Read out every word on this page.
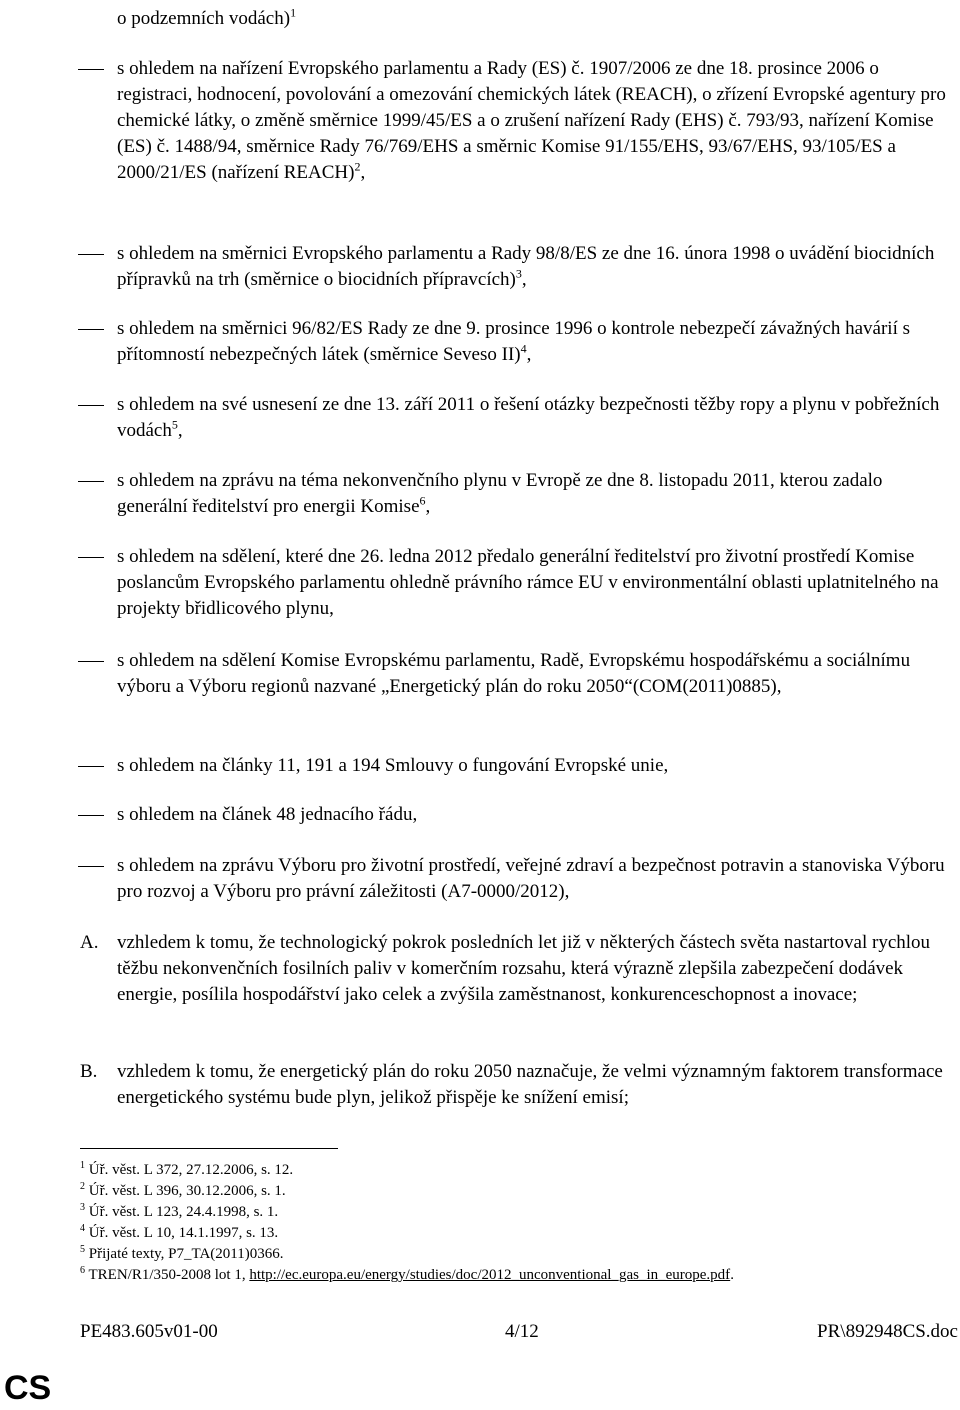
o podzemních vodách)$^1$
s ohledem na nařízení Evropského parlamentu a Rady (ES) č. 1907/2006 ze dne 18. prosince 2006 o registraci, hodnocení, povolování a omezování chemických látek (REACH), o zřízení Evropské agentury pro chemické látky, o změně směrnice 1999/45/ES a o zrušení nařízení Rady (EHS) č. 793/93, nařízení Komise (ES) č. 1488/94, směrnice Rady 76/769/EHS a směrnic Komise 91/155/EHS, 93/67/EHS, 93/105/ES a 2000/21/ES (nařízení REACH)$^2$,
s ohledem na směrnici Evropského parlamentu a Rady 98/8/ES ze dne 16. února 1998 o uvádění biocidních přípravků na trh (směrnice o biocidních přípravcích)$^3$,
s ohledem na směrnici 96/82/ES Rady ze dne 9. prosince 1996 o kontrole nebezpečí závažných havárií s přítomností nebezpečných látek (směrnice Seveso II)$^4$,
s ohledem na své usnesení ze dne 13. září 2011 o řešení otázky bezpečnosti těžby ropy a plynu v pobřežních vodách$^5$,
s ohledem na zprávu na téma nekonvenčního plynu v Evropě ze dne 8. listopadu 2011, kterou zadalo generální ředitelství pro energii Komise$^6$,
s ohledem na sdělení, které dne 26. ledna 2012 předalo generální ředitelství pro životní prostředí Komise poslancům Evropského parlamentu ohledně právního rámce EU v environmentální oblasti uplatnitelného na projekty břidlicového plynu,
s ohledem na sdělení Komise Evropskému parlamentu, Radě, Evropskému hospodářskému a sociálnímu výboru a Výboru regionů nazvané „Energetický plán do roku 2050“(COM(2011)0885),
s ohledem na články 11, 191 a 194 Smlouvy o fungování Evropské unie,
s ohledem na článek 48 jednacího řádu,
s ohledem na zprávu Výboru pro životní prostředí, veřejné zdraví a bezpečnost potravin a stanoviska Výboru pro rozvoj a Výboru pro právní záležitosti (A7-0000/2012),
A. vzhledem k tomu, že technologický pokrok posledních let již v některých částech světa nastartoval rychlou těžbu nekonvenčních fosilních paliv v komerčním rozsahu, která výrazně zlepšila zabezpečení dodávek energie, posílila hospodářství jako celek a zvýšila zaměstnanost, konkurenceschopnost a inovace;
B. vzhledem k tomu, že energetický plán do roku 2050 naznačuje, že velmi významným faktorem transformace energetického systému bude plyn, jelikož přispěje ke snížení emisí;
$^1$ Úř. věst. L 372, 27.12.2006, s. 12.
$^2$ Úř. věst. L 396, 30.12.2006, s. 1.
$^3$ Úř. věst. L 123, 24.4.1998, s. 1.
$^4$ Úř. věst. L 10, 14.1.1997, s. 13.
$^5$ Přijaté texty, P7_TA(2011)0366.
$^6$ TREN/R1/350-2008 lot 1, http://ec.europa.eu/energy/studies/doc/2012_unconventional_gas_in_europe.pdf.
PE483.605v01-00	4/12	PR\892948CS.doc
CS
